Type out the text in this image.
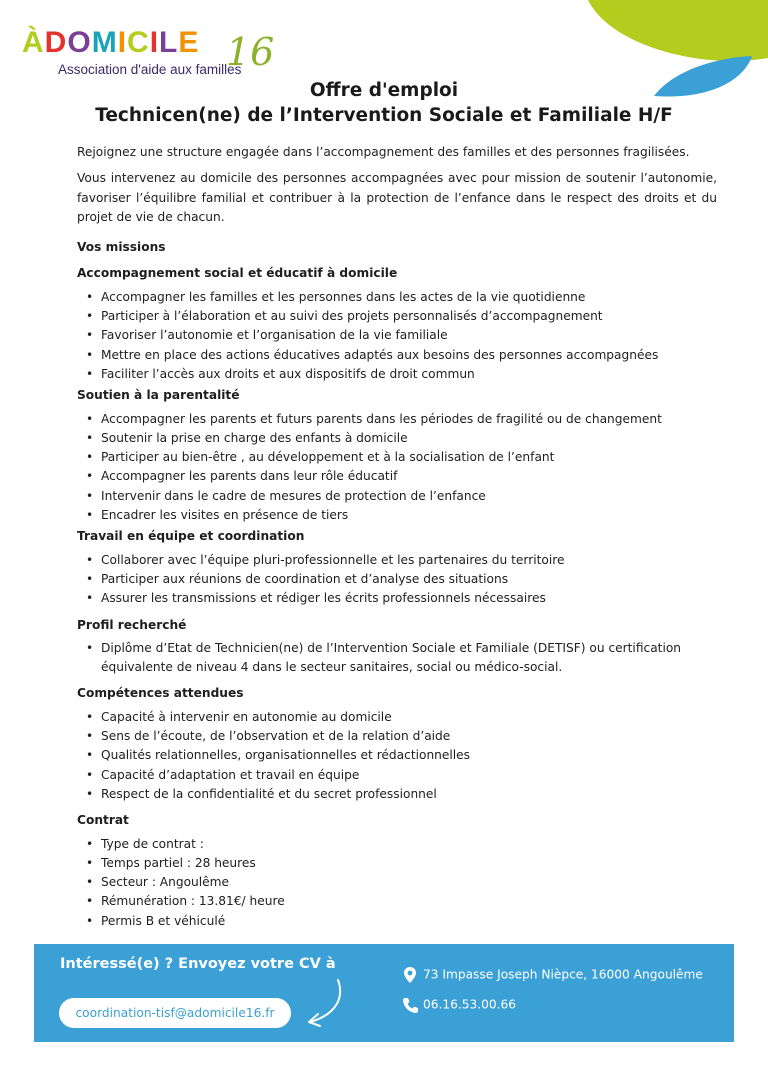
ÀDOMICILE 16
Association d'aide aux familles
Offre d'emploi
Technicen(ne) de l’Intervention Sociale et Familiale H/F

Rejoignez une structure engagée dans l’accompagnement des familles et des personnes fragilisées.

Vous intervenez au domicile des personnes accompagnées avec pour mission de soutenir l’autonomie, favoriser l’équilibre familial et contribuer à la protection de l’enfance dans le respect des droits et du projet de vie de chacun.

Vos missions
Accompagnement social et éducatif à domicile
• Accompagner les familles et les personnes dans les actes de la vie quotidienne
• Participer à l’élaboration et au suivi des projets personnalisés d’accompagnement
• Favoriser l’autonomie et l’organisation de la vie familiale
• Mettre en place des actions éducatives adaptés aux besoins des personnes accompagnées
• Faciliter l’accès aux droits et aux dispositifs de droit commun
Soutien à la parentalité
• Accompagner les parents et futurs parents dans les périodes de fragilité ou de changement
• Soutenir la prise en charge des enfants à domicile
• Participer au bien-être , au développement et à la socialisation de l’enfant
• Accompagner les parents dans leur rôle éducatif
• Intervenir dans le cadre de mesures de protection de l’enfance
• Encadrer les visites en présence de tiers
Travail en équipe et coordination
• Collaborer avec l’équipe pluri-professionnelle et les partenaires du territoire
• Participer aux réunions de coordination et d’analyse des situations
• Assurer les transmissions et rédiger les écrits professionnels nécessaires
Profil recherché
• Diplôme d’Etat de Technicien(ne) de l’Intervention Sociale et Familiale (DETISF) ou certification équivalente de niveau 4 dans le secteur sanitaires, social ou médico-social.
Compétences attendues
• Capacité à intervenir en autonomie au domicile
• Sens de l’écoute, de l’observation et de la relation d’aide
• Qualités relationnelles, organisationnelles et rédactionnelles
• Capacité d’adaptation et travail en équipe
• Respect de la confidentialité et du secret professionnel
Contrat
• Type de contrat :
• Temps partiel : 28 heures
• Secteur : Angoulême
• Rémunération : 13.81€/ heure
• Permis B et véhiculé
Intéressé(e) ? Envoyez votre CV à
coordination-tisf@adomicile16.fr
73 Impasse Joseph Nièpce, 16000 Angoulême
06.16.53.00.66
